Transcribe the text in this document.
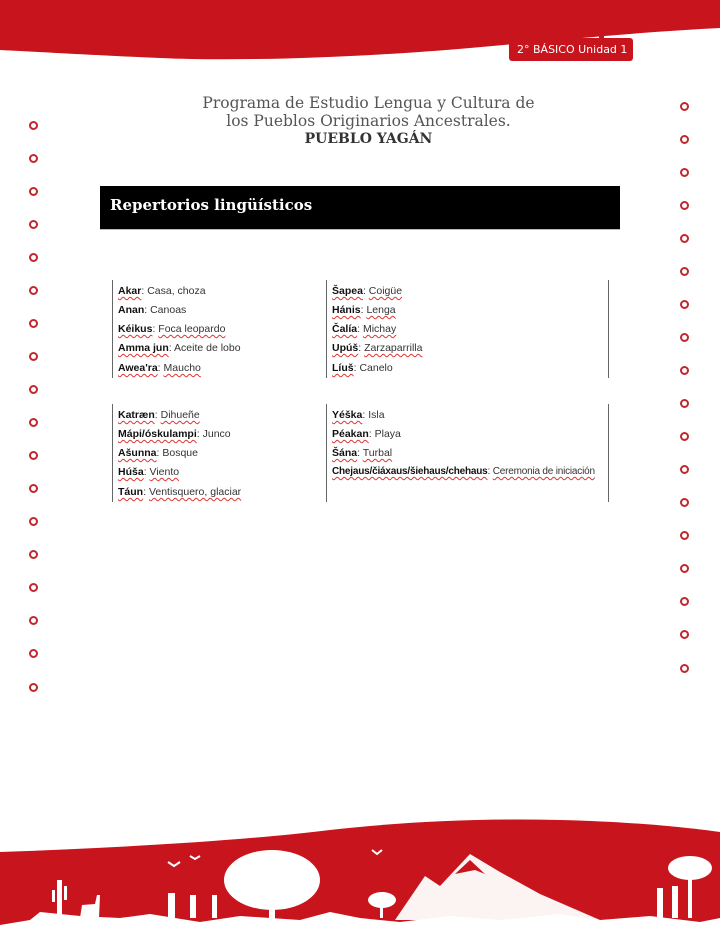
2° BÁSICO Unidad 1
Programa de Estudio Lengua y Cultura de
los Pueblos Originarios Ancestrales.
PUEBLO YAGÁN
Repertorios lingüísticos
Akar: Casa, choza
Anan: Canoas
Kéikus: Foca leopardo
Amma jun: Aceite de lobo
Awea'ra: Maucho
Šapea: Coigüe
Hánis: Lenga
Čalía: Michay
Upúš: Zarzaparrilla
Líuš: Canelo
Katræn: Dihueñe
Mápi/óskulampi: Junco
Ašunna: Bosque
Húša: Viento
Táun: Ventisquero, glaciar
Yéška: Isla
Péakan: Playa
Šána: Turbal
Chejaus/čiáxaus/šiehaus/chehaus: Ceremonia de iniciación
